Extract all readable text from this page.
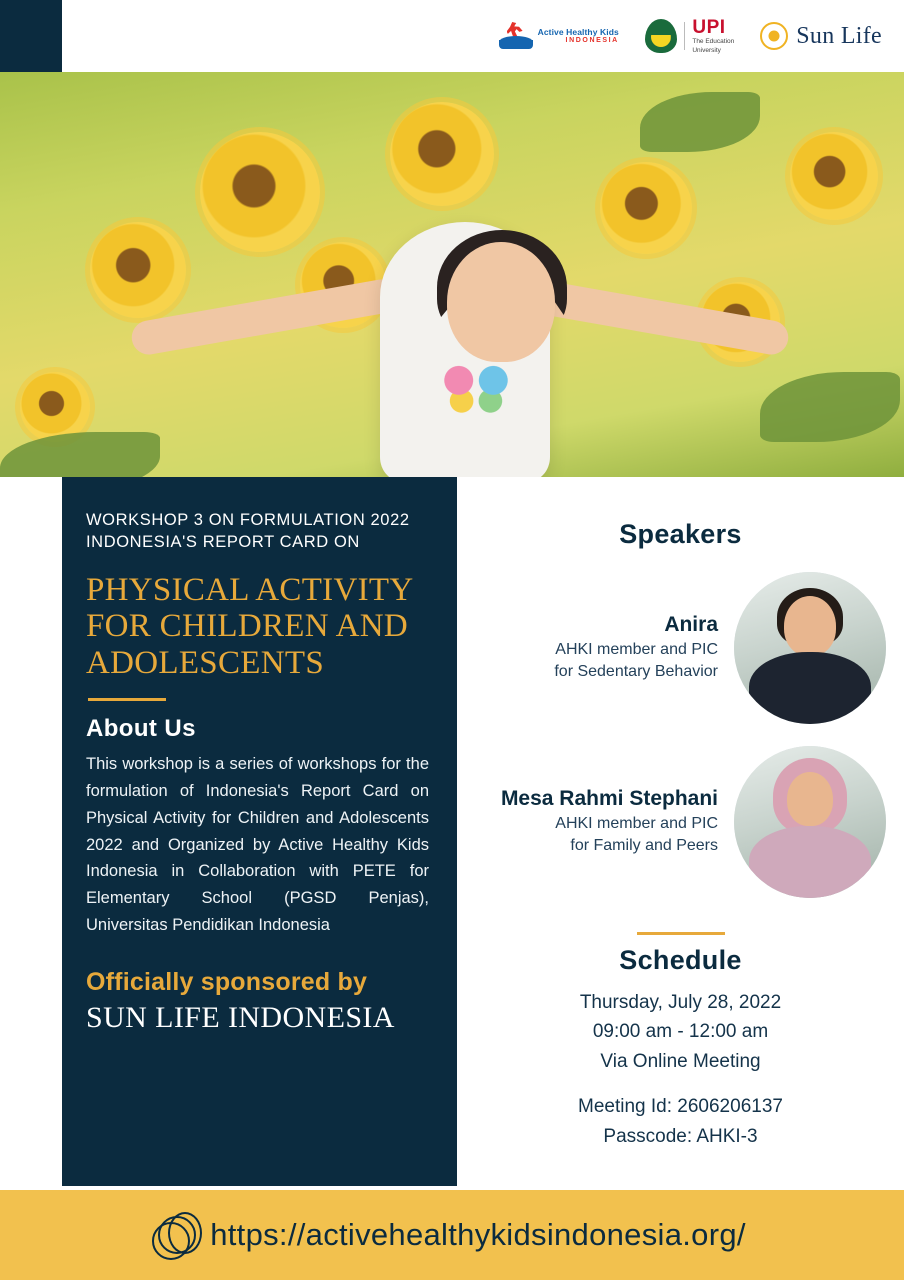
Active Healthy Kids
INDONESIA
UPI
The Education
University
Sun Life
WORKSHOP 3 ON FORMULATION 2022 INDONESIA'S REPORT CARD ON
PHYSICAL ACTIVITY FOR CHILDREN AND ADOLESCENTS
About Us
This workshop is a series of workshops for the formulation of Indonesia's Report Card on Physical Activity for Children and Adolescents 2022 and Organized by Active Healthy Kids Indonesia in Collaboration with PETE for Elementary School (PGSD Penjas), Universitas Pendidikan Indonesia
Officially sponsored by
SUN LIFE INDONESIA
Speakers
Anira
AHKI member and PIC
for Sedentary Behavior
Mesa Rahmi Stephani
AHKI member and PIC
for Family and Peers
Schedule
Thursday, July 28, 2022
09:00 am - 12:00 am
Via Online Meeting
Meeting Id: 2606206137
Passcode: AHKI-3
https://activehealthykidsindonesia.org/
